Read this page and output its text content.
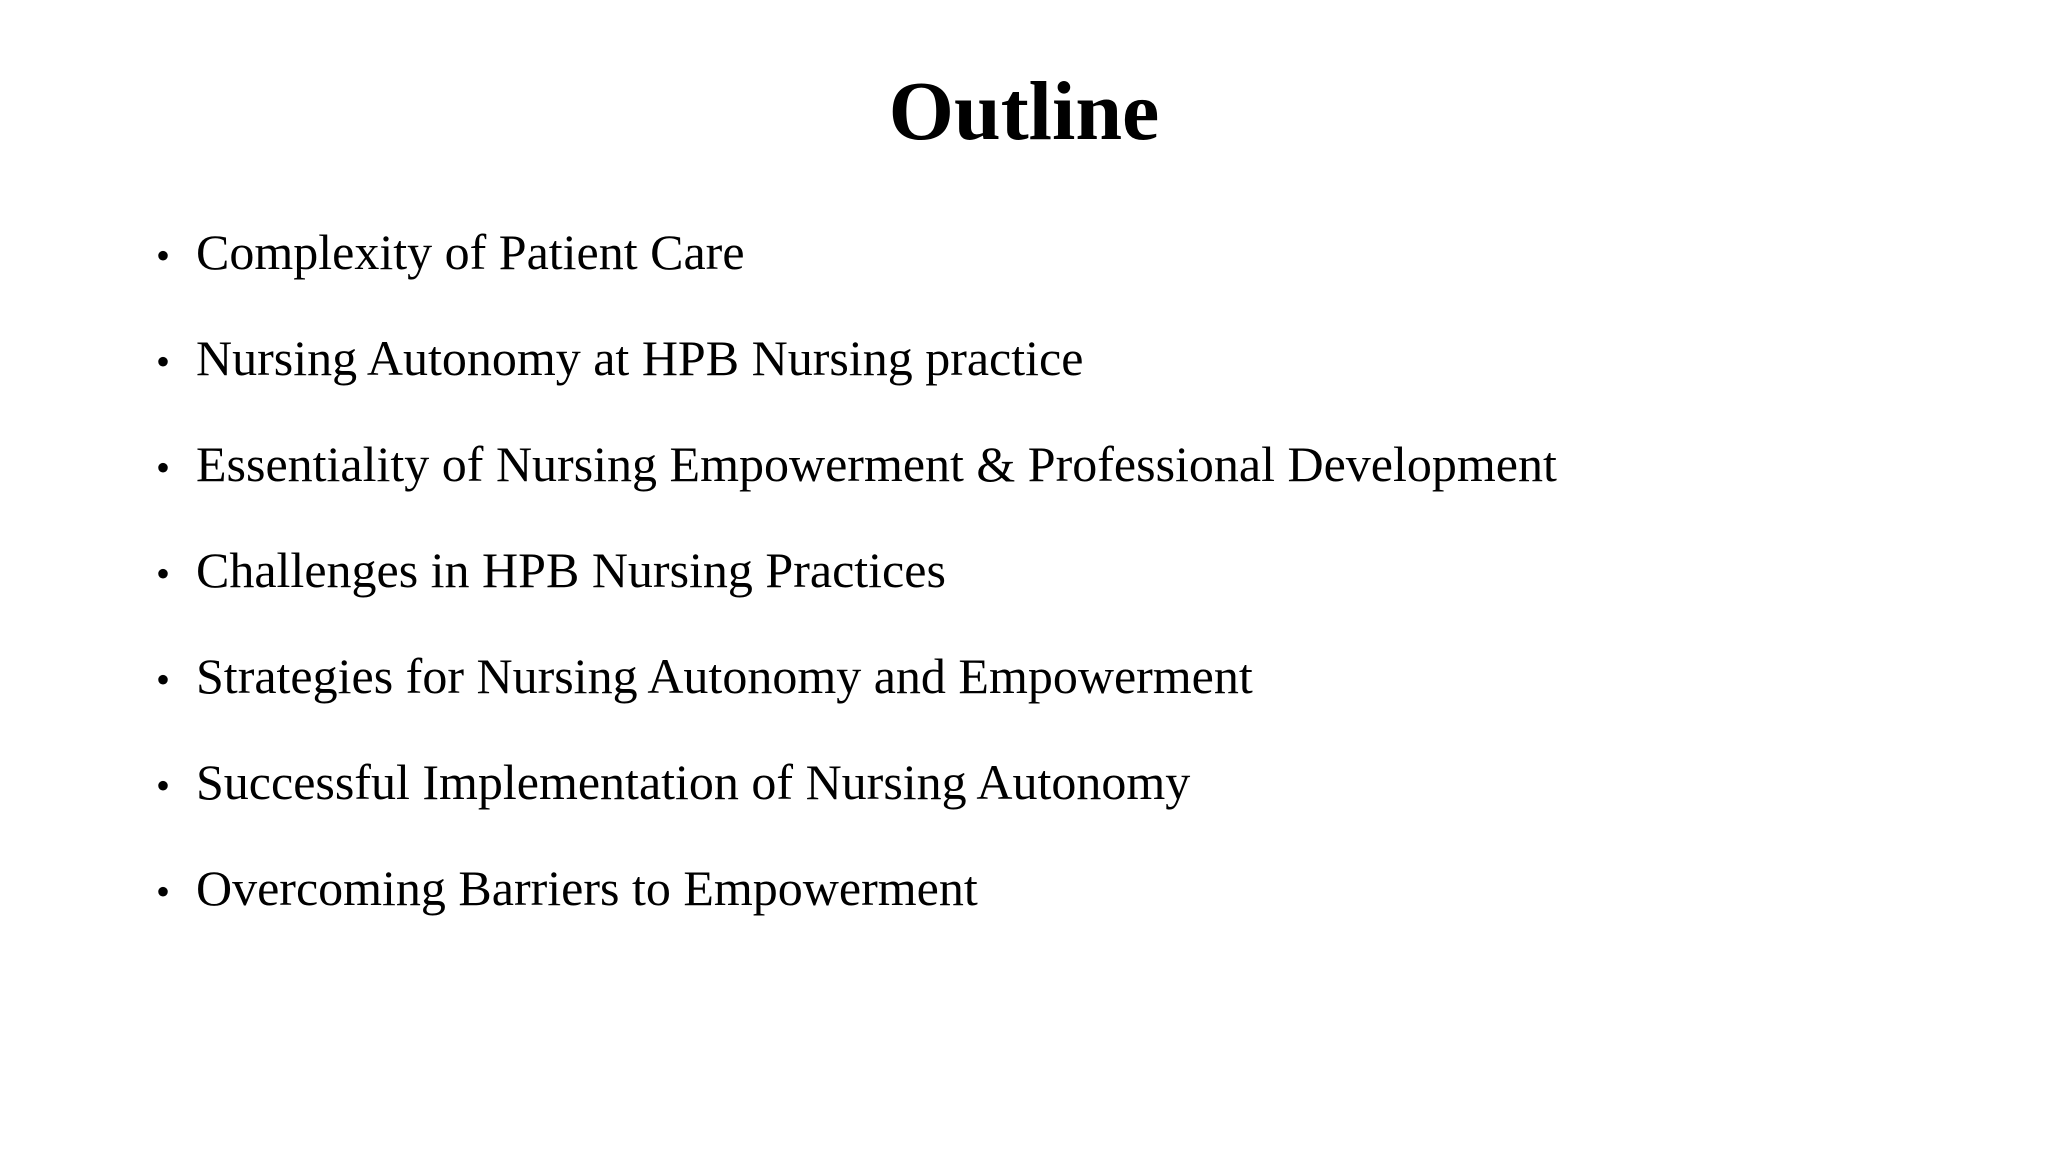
Outline
• Complexity of Patient Care
• Nursing Autonomy at HPB Nursing practice
• Essentiality of Nursing Empowerment & Professional Development
• Challenges in HPB Nursing Practices
• Strategies for Nursing Autonomy and Empowerment
• Successful Implementation of Nursing Autonomy
• Overcoming Barriers to Empowerment
